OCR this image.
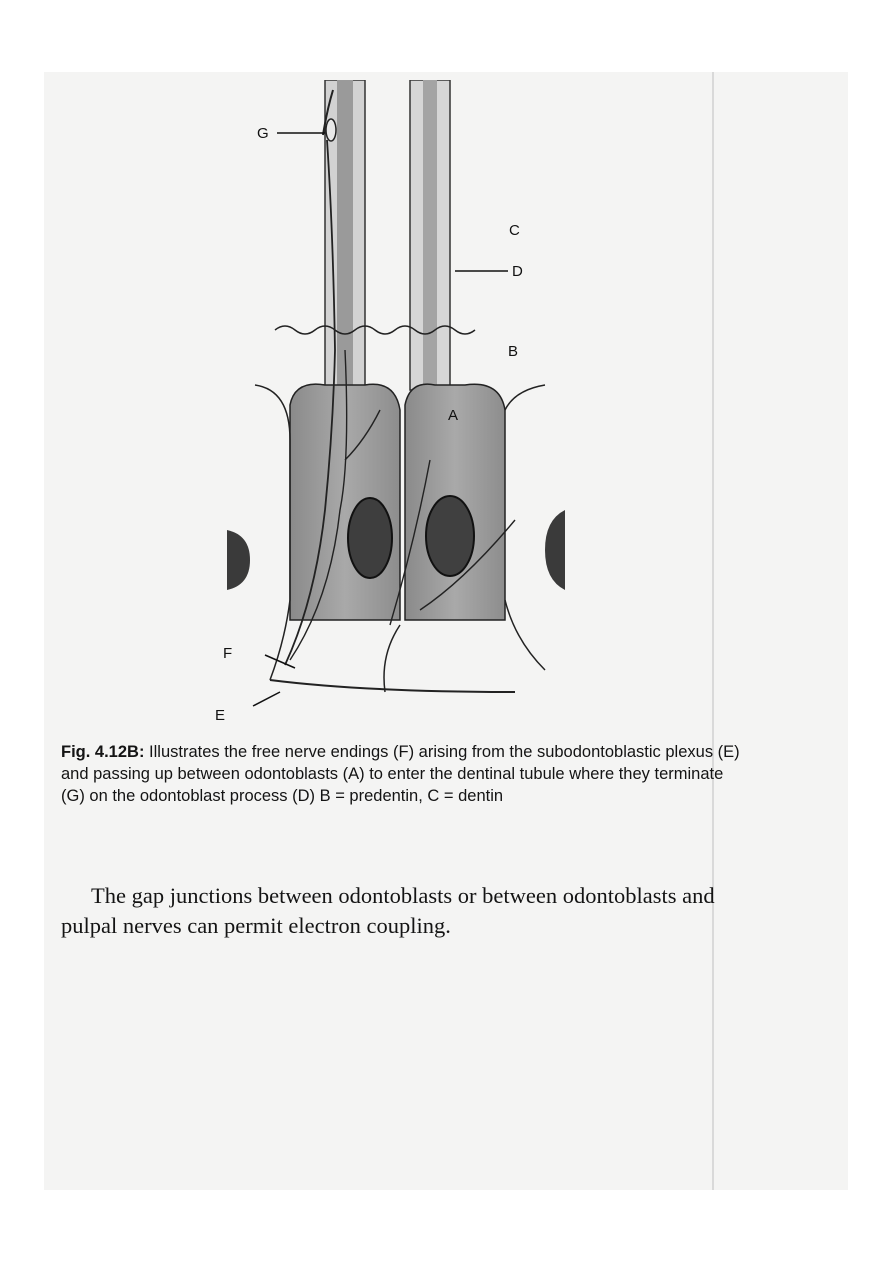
G
C
D
B
A
F
E
Fig. 4.12B: Illustrates the free nerve endings (F) arising from the subodontoblastic plexus (E) and passing up between odontoblasts (A) to enter the dentinal tubule where they terminate (G) on the odontoblast process (D) B = predentin, C = dentin
The gap junctions between odontoblasts or between odontoblasts and pulpal nerves can permit electron coupling.
